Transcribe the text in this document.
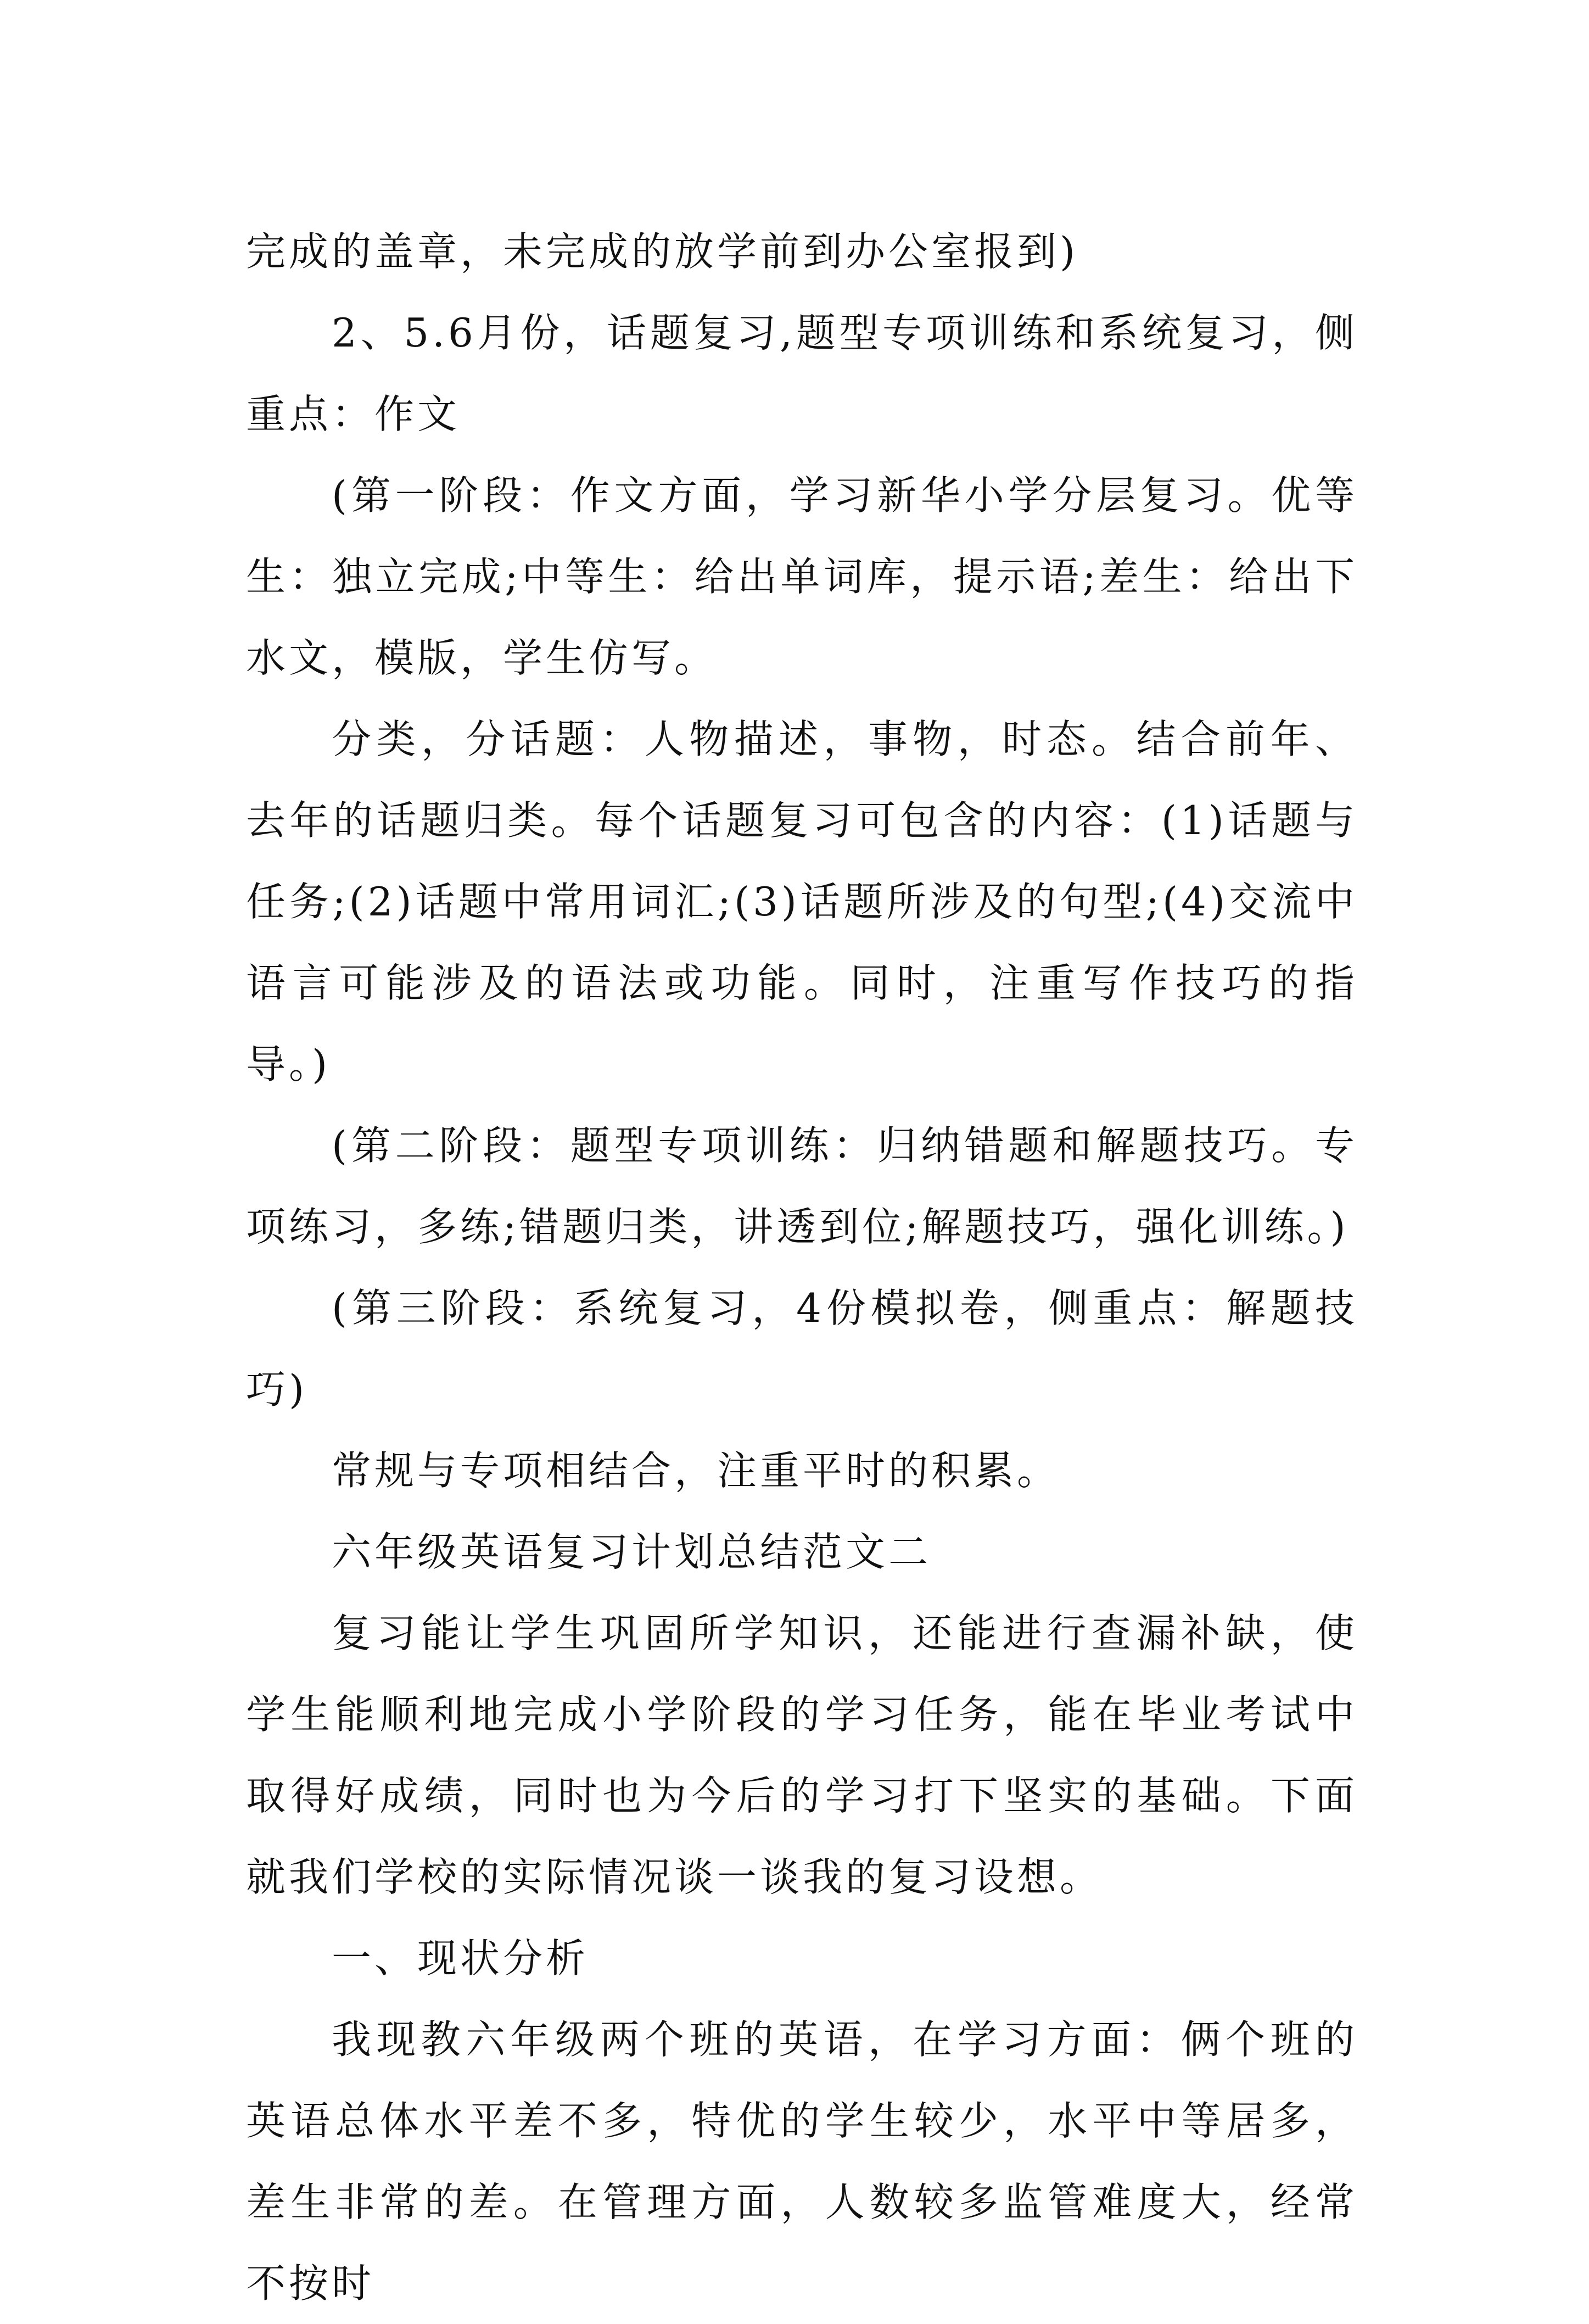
完成的盖章，未完成的放学前到办公室报到)

2、5.6月份，话题复习,题型专项训练和系统复习，侧重点：作文

(第一阶段：作文方面，学习新华小学分层复习。优等生：独立完成;中等生：给出单词库，提示语;差生：给出下水文，模版，学生仿写。

分类，分话题：人物描述，事物，时态。结合前年、去年的话题归类。每个话题复习可包含的内容：(1)话题与任务;(2)话题中常用词汇;(3)话题所涉及的句型;(4)交流中语言可能涉及的语法或功能。同时，注重写作技巧的指导。)

(第二阶段：题型专项训练：归纳错题和解题技巧。专项练习，多练;错题归类，讲透到位;解题技巧，强化训练。)

(第三阶段：系统复习，4份模拟卷，侧重点：解题技巧)

常规与专项相结合，注重平时的积累。

六年级英语复习计划总结范文二

复习能让学生巩固所学知识，还能进行查漏补缺，使学生能顺利地完成小学阶段的学习任务，能在毕业考试中取得好成绩，同时也为今后的学习打下坚实的基础。下面就我们学校的实际情况谈一谈我的复习设想。

一、现状分析

我现教六年级两个班的英语，在学习方面：俩个班的英语总体水平差不多，特优的学生较少，水平中等居多，差生非常的差。在管理方面，人数较多监管难度大，经常不按时
